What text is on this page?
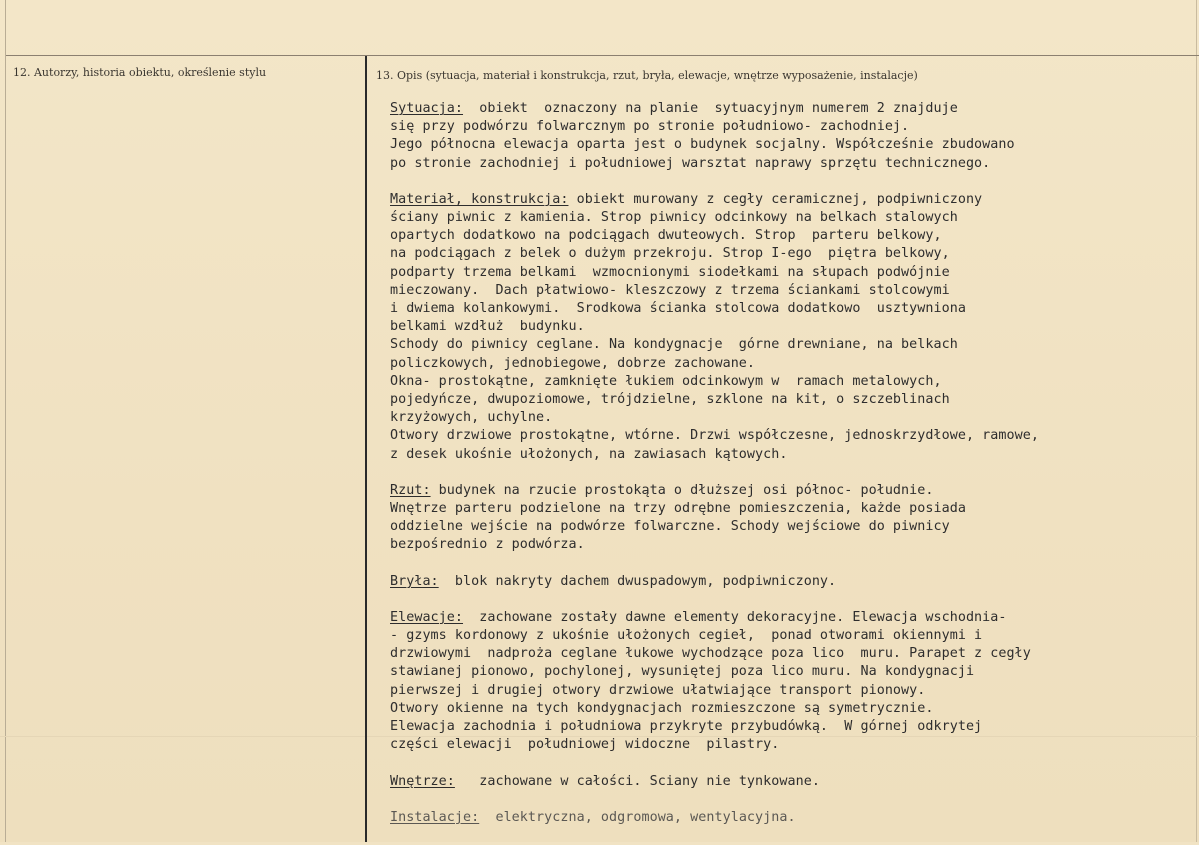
12. Autorzy, historia obiektu, określenie stylu	13. Opis (sytuacja, materiał i konstrukcja, rzut, bryła, elewacje, wnętrze wyposażenie, instalacje)
Sytuacja:  obiekt  oznaczony na planie  sytuacyjnym numerem 2 znajduje
się przy podwórzu folwarcznym po stronie południowo- zachodniej.
Jego północna elewacja oparta jest o budynek socjalny. Współcześnie zbudowano
po stronie zachodniej i południowej warsztat naprawy sprzętu technicznego.
Materiał, konstrukcja: obiekt murowany z cegły ceramicznej, podpiwniczony
ściany piwnic z kamienia. Strop piwnicy odcinkowy na belkach stalowych
opartych dodatkowo na podciągach dwuteowych. Strop  parteru belkowy,
na podciągach z belek o dużym przekroju. Strop I-ego  piętra belkowy,
podparty trzema belkami  wzmocnionymi siodełkami na słupach podwójnie
mieczowany.  Dach płatwiowo- kleszczowy z trzema ściankami stolcowymi
i dwiema kolankowymi.  Srodkowa ścianka stolcowa dodatkowo  usztywniona
belkami wzdłuż  budynku.
Schody do piwnicy ceglane. Na kondygnacje  górne drewniane, na belkach
policzkowych, jednobiegowe, dobrze zachowane.
Okna- prostokątne, zamknięte łukiem odcinkowym w  ramach metalowych,
pojedyńcze, dwupoziomowe, trójdzielne, szklone na kit, o szczeblinach
krzyżowych, uchylne.
Otwory drzwiowe prostokątne, wtórne. Drzwi współczesne, jednoskrzydłowe, ramowe,
z desek ukośnie ułożonych, na zawiasach kątowych.
Rzut: budynek na rzucie prostokąta o dłuższej osi północ- południe.
Wnętrze parteru podzielone na trzy odrębne pomieszczenia, każde posiada
oddzielne wejście na podwórze folwarczne. Schody wejściowe do piwnicy
bezpośrednio z podwórza.
Bryła:  blok nakryty dachem dwuspadowym, podpiwniczony.
Elewacje:  zachowane zostały dawne elementy dekoracyjne. Elewacja wschodnia-
- gzyms kordonowy z ukośnie ułożonych cegieł,  ponad otworami okiennymi i
drzwiowymi  nadproża ceglane łukowe wychodzące poza lico  muru. Parapet z cegły
stawianej pionowo, pochylonej, wysuniętej poza lico muru. Na kondygnacji
pierwszej i drugiej otwory drzwiowe ułatwiające transport pionowy.
Otwory okienne na tych kondygnacjach rozmieszczone są symetrycznie.
Elewacja zachodnia i południowa przykryte przybudówką.  W górnej odkrytej
części elewacji  południowej widoczne  pilastry.
Wnętrze:   zachowane w całości. Sciany nie tynkowane.
Instalacje:  elektryczna, odgromowa, wentylacyjna.
